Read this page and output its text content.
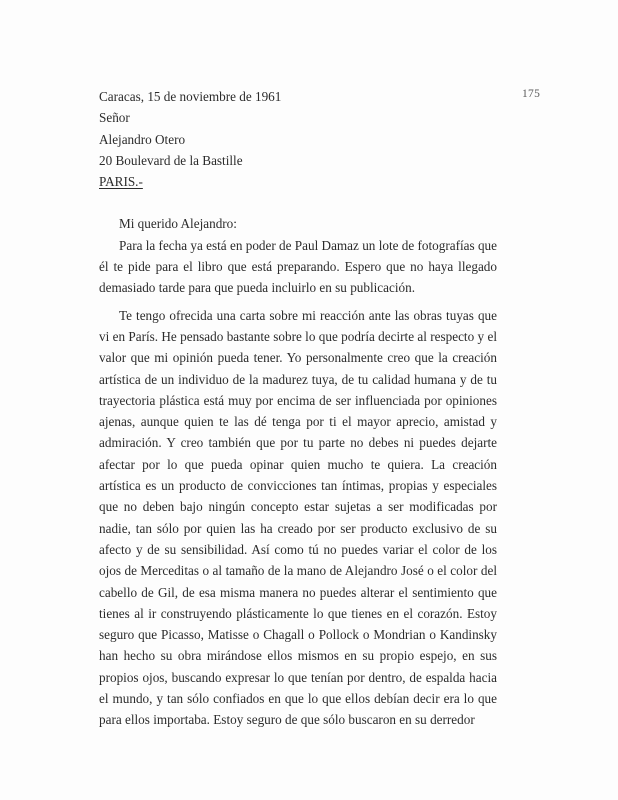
175
Caracas, 15 de noviembre de 1961
Señor
Alejandro Otero
20 Boulevard de la Bastille
PARIS.-
Mi querido Alejandro:

Para la fecha ya está en poder de Paul Damaz un lote de fotografías que él te pide para el libro que está preparando. Espero que no haya llegado demasiado tarde para que pueda incluirlo en su publicación.

Te tengo ofrecida una carta sobre mi reacción ante las obras tuyas que vi en París. He pensado bastante sobre lo que podría decirte al respecto y el valor que mi opinión pueda tener. Yo personalmente creo que la creación artística de un individuo de la madurez tuya, de tu calidad humana y de tu trayectoria plástica está muy por encima de ser influenciada por opiniones ajenas, aunque quien te las dé tenga por ti el mayor aprecio, amistad y admiración. Y creo también que por tu parte no debes ni puedes dejarte afectar por lo que pueda opinar quien mucho te quiera. La creación artística es un producto de convicciones tan íntimas, propias y especiales que no deben bajo ningún concepto estar sujetas a ser modificadas por nadie, tan sólo por quien las ha creado por ser producto exclusivo de su afecto y de su sensibilidad. Así como tú no puedes variar el color de los ojos de Merceditas o al tamaño de la mano de Alejandro José o el color del cabello de Gil, de esa misma manera no puedes alterar el sentimiento que tienes al ir construyendo plásticamente lo que tienes en el corazón. Estoy seguro que Picasso, Matisse o Chagall o Pollock o Mondrian o Kandinsky han hecho su obra mirándose ellos mismos en su propio espejo, en sus propios ojos, buscando expresar lo que tenían por dentro, de espalda hacia el mundo, y tan sólo confiados en que lo que ellos debían decir era lo que para ellos importaba. Estoy seguro de que sólo buscaron en su derredor
